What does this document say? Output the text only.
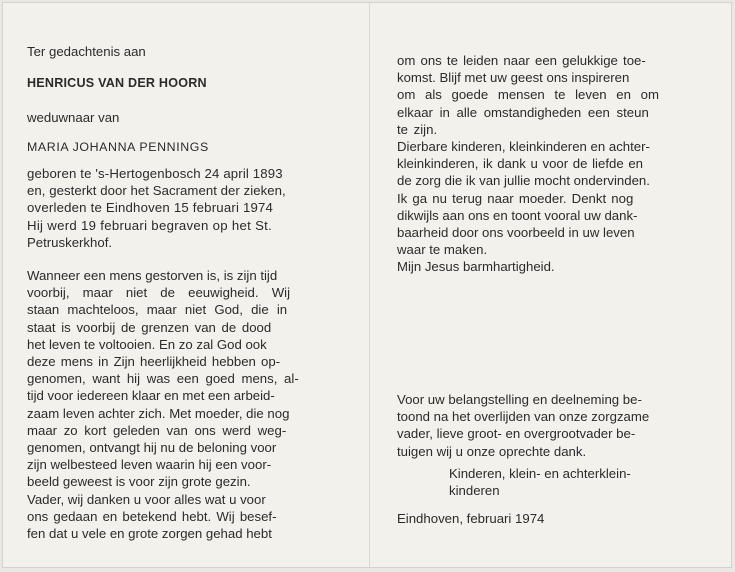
Ter gedachtenis aan
HENRICUS VAN DER HOORN
weduwnaar van
MARIA JOHANNA PENNINGS
geboren te 's-Hertogenbosch 24 april 1893
en, gesterkt door het Sacrament der zieken,
overleden te Eindhoven 15 februari 1974
Hij werd 19 februari begraven op het St.
Petruskerkhof.
Wanneer een mens gestorven is, is zijn tijd
voorbij, maar niet de eeuwigheid. Wij
staan machteloos, maar niet God, die in
staat is voorbij de grenzen van de dood
het leven te voltooien. En zo zal God ook
deze mens in Zijn heerlijkheid hebben op-
genomen, want hij was een goed mens, al-
tijd voor iedereen klaar en met een arbeid-
zaam leven achter zich. Met moeder, die nog
maar zo kort geleden van ons werd weg-
genomen, ontvangt hij nu de beloning voor
zijn welbesteed leven waarin hij een voor-
beeld geweest is voor zijn grote gezin.
Vader, wij danken u voor alles wat u voor
ons gedaan en betekend hebt. Wij besef-
fen dat u vele en grote zorgen gehad hebt
om ons te leiden naar een gelukkige toe-
komst. Blijf met uw geest ons inspireren
om als goede mensen te leven en om
elkaar in alle omstandigheden een steun
te zijn.
Dierbare kinderen, kleinkinderen en achter-
kleinkinderen, ik dank u voor de liefde en
de zorg die ik van jullie mocht ondervinden.
Ik ga nu terug naar moeder. Denkt nog
dikwijls aan ons en toont vooral uw dank-
baarheid door ons voorbeeld in uw leven
waar te maken.
Mijn Jesus barmhartigheid.
Voor uw belangstelling en deelneming be-
toond na het overlijden van onze zorgzame
vader, lieve groot- en overgrootvader be-
tuigen wij u onze oprechte dank.
Kinderen, klein- en achterklein-
kinderen
Eindhoven, februari 1974
